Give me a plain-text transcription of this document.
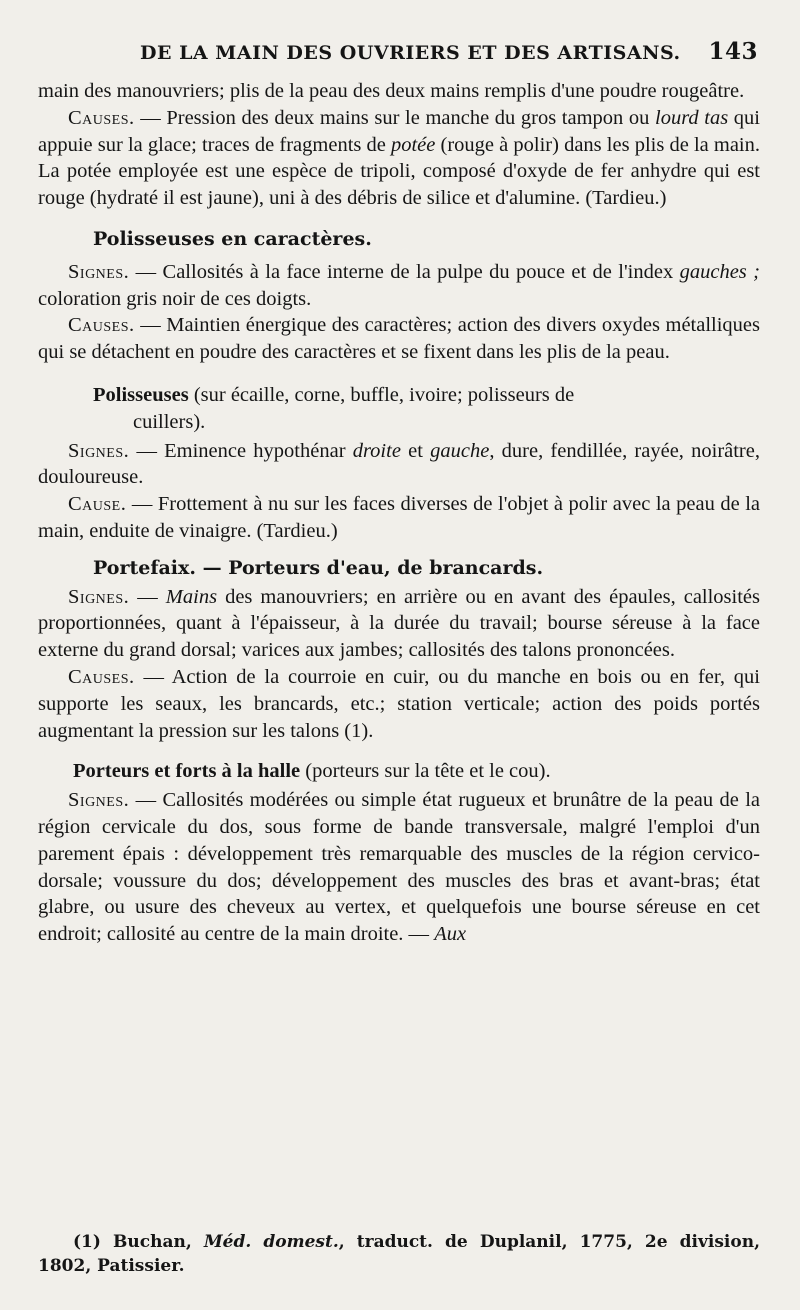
DE LA MAIN DES OUVRIERS ET DES ARTISANS. 143

main des manouvriers; plis de la peau des deux mains remplis d'une poudre rougeâtre.

Causes. — Pression des deux mains sur le manche du gros tampon ou lourd tas qui appuie sur la glace; traces de fragments de potée (rouge à polir) dans les plis de la main. La potée employée est une espèce de tripoli, composé d'oxyde de fer anhydre qui est rouge (hydraté il est jaune), uni à des débris de silice et d'alumine. (Tardieu.)

Polisseuses en caractères.

Signes. — Callosités à la face interne de la pulpe du pouce et de l'index gauches ; coloration gris noir de ces doigts.

Causes. — Maintien énergique des caractères; action des divers oxydes métalliques qui se détachent en poudre des caractères et se fixent dans les plis de la peau.

Polisseuses (sur écaille, corne, buffle, ivoire; polisseurs de
cuillers).

Signes. — Eminence hypothénar droite et gauche, dure, fendillée, rayée, noirâtre, douloureuse.

Cause. — Frottement à nu sur les faces diverses de l'objet à polir avec la peau de la main, enduite de vinaigre. (Tardieu.)

Portefaix. — Porteurs d'eau, de brancards.

Signes. — Mains des manouvriers; en arrière ou en avant des épaules, callosités proportionnées, quant à l'épaisseur, à la durée du travail; bourse séreuse à la face externe du grand dorsal; varices aux jambes; callosités des talons prononcées.

Causes. — Action de la courroie en cuir, ou du manche en bois ou en fer, qui supporte les seaux, les brancards, etc.; station verticale; action des poids portés augmentant la pression sur les talons (1).

Porteurs et forts à la halle (porteurs sur la tête et le cou).

Signes. — Callosités modérées ou simple état rugueux et brunâtre de la peau de la région cervicale du dos, sous forme de bande transversale, malgré l'emploi d'un parement épais : développement très remarquable des muscles de la région cervico-dorsale; voussure du dos; développement des muscles des bras et avant-bras; état glabre, ou usure des cheveux au vertex, et quelquefois une bourse séreuse en cet endroit; callosité au centre de la main droite. — Aux

(1) Buchan, Méd. domest., traduct. de Duplanil, 1775, 2e division, 1802, Patissier.
